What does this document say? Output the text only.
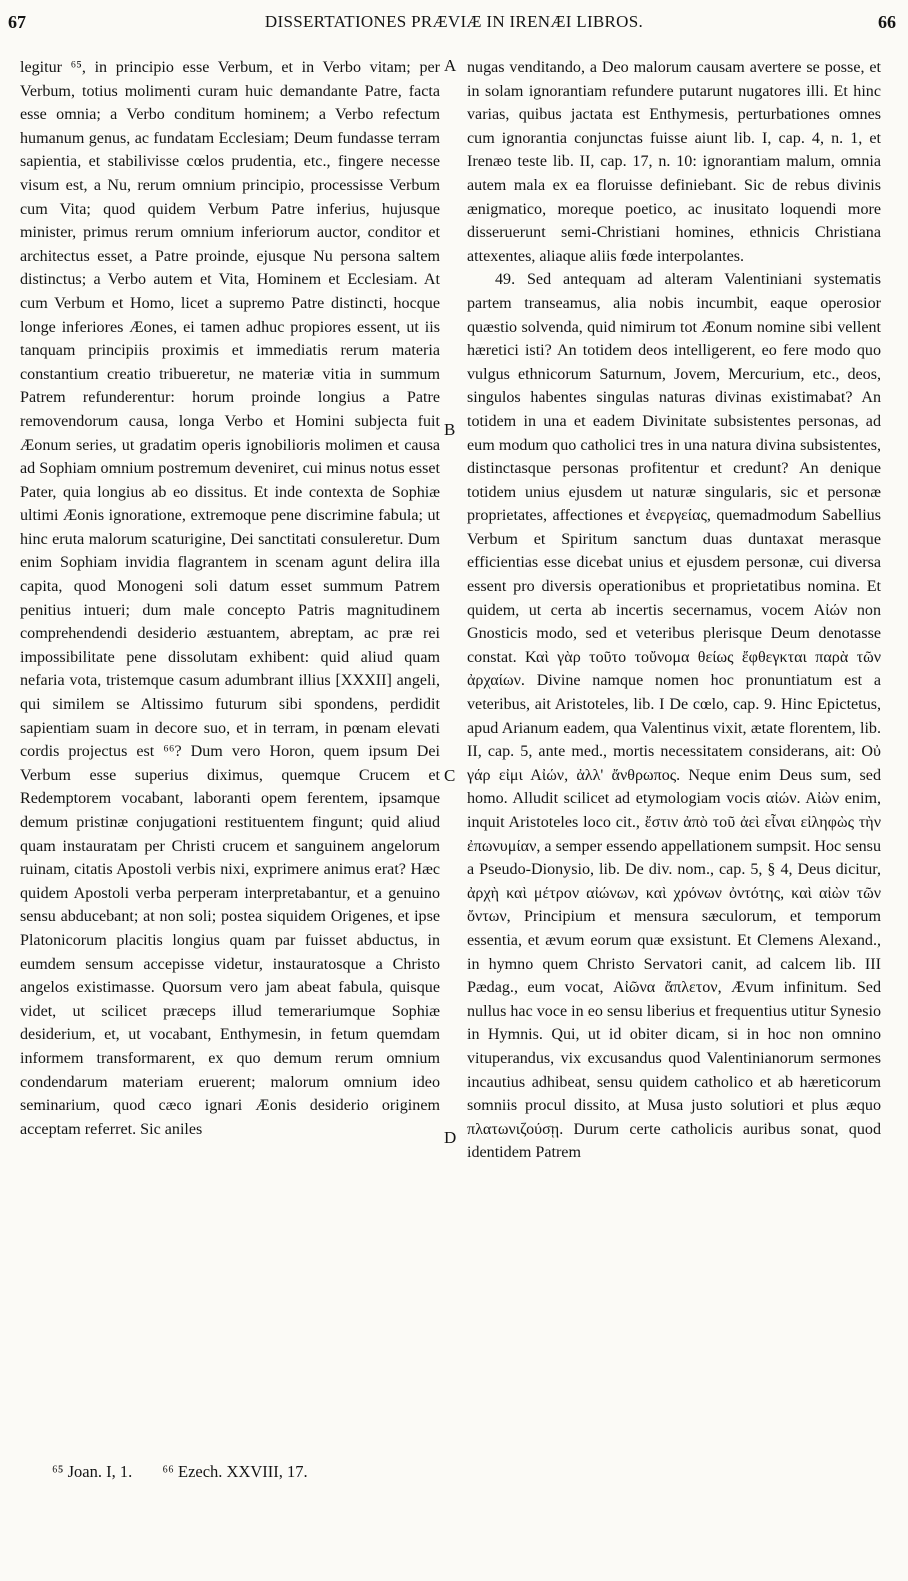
67	DISSERTATIONES PRÆVIÆ IN IRENÆI LIBROS.	66

legitur ⁶⁵, in principio esse Verbum, et in Verbo vitam; per Verbum, totius molimenti curam huic demandante Patre, facta esse omnia; a Verbo conditum hominem; a Verbo refectum humanum genus, ac fundatam Ecclesiam; Deum fundasse terram sapientia, et stabilivisse cœlos prudentia, etc., fingere necesse visum est, a Nu, rerum omnium principio, processisse Verbum cum Vita; quod quidem Verbum Patre inferius, hujusque minister, primus rerum omnium inferiorum auctor, conditor et architectus esset, a Patre proinde, ejusque Nu persona saltem distinctus; a Verbo autem et Vita, Hominem et Ecclesiam. At cum Verbum et Homo, licet a supremo Patre distincti, hocque longe inferiores Æones, ei tamen adhuc propiores essent, ut iis tanquam principiis proximis et immediatis rerum materia constantium creatio tribueretur, ne materiæ vitia in summum Patrem refunderentur: horum proinde longius a Patre removendorum causa, longa Verbo et Homini subjecta fuit Æonum series, ut gradatim operis ignobilioris molimen et causa ad Sophiam omnium postremum deveniret, cui minus notus esset Pater, quia longius ab eo dissitus. Et inde contexta de Sophiæ ultimi Æonis ignoratione, extremoque pene discrimine fabula; ut hinc eruta malorum scaturigine, Dei sanctitati consuleretur. Dum enim Sophiam invidia flagrantem in scenam agunt delira illa capita, quod Monogeni soli datum esset summum Patrem penitius intueri; dum male concepto Patris magnitudinem comprehendendi desiderio æstuantem, abreptam, ac præ rei impossibilitate pene dissolutam exhibent: quid aliud quam nefaria vota, tristemque casum adumbrant illius [XXXII] angeli, qui similem se Altissimo futurum sibi spondens, perdidit sapientiam suam in decore suo, et in terram, in pœnam elevati cordis projectus est ⁶⁶? Dum vero Horon, quem ipsum Dei Verbum esse superius diximus, quemque Crucem et Redemptorem vocabant, laboranti opem ferentem, ipsamque demum pristinæ conjugationi restituentem fingunt; quid aliud quam instauratam per Christi crucem et sanguinem angelorum ruinam, citatis Apostoli verbis nixi, exprimere animus erat? Hæc quidem Apostoli verba perperam interpretabantur, et a genuino sensu abducebant; at non soli; postea siquidem Origenes, et ipse Platonicorum placitis longius quam par fuisset abductus, in eumdem sensum accepisse videtur, instauratosque a Christo angelos existimasse. Quorsum vero jam abeat fabula, quisque videt, ut scilicet præceps illud temerariumque Sophiæ desiderium, et, ut vocabant, Enthymesin, in fetum quemdam informem transformarent, ex quo demum rerum omnium condendarum materiam eruerent; malorum omnium ideo seminarium, quod cæco ignari Æonis desiderio originem acceptam referret. Sic aniles

nugas venditando, a Deo malorum causam avertere se posse, et in solam ignorantiam refundere putarunt nugatores illi. Et hinc varias, quibus jactata est Enthymesis, perturbationes omnes cum ignorantia conjunctas fuisse aiunt lib. I, cap. 4, n. 1, et Irenæo teste lib. II, cap. 17, n. 10: ignorantiam malum, omnia autem mala ex ea floruisse definiebant. Sic de rebus divinis ænigmatico, moreque poetico, ac inusitato loquendi more disseruerunt semi-Christiani homines, ethnicis Christiana attexentes, aliaque aliis fœde interpolantes.

49. Sed antequam ad alteram Valentiniani systematis partem transeamus, alia nobis incumbit, eaque operosior quæstio solvenda, quid nimirum tot Æonum nomine sibi vellent hæretici isti? An totidem deos intelligerent, eo fere modo quo vulgus ethnicorum Saturnum, Jovem, Mercurium, etc., deos, singulos habentes singulas naturas divinas existimabat? An totidem in una et eadem Divinitate subsistentes personas, ad eum modum quo catholici tres in una natura divina subsistentes, distinctasque personas profitentur et credunt? An denique totidem unius ejusdem ut naturæ singularis, sic et personæ proprietates, affectiones et ἐνεργείας, quemadmodum Sabellius Verbum et Spiritum sanctum duas duntaxat merasque efficientias esse dicebat unius et ejusdem personæ, cui diversa essent pro diversis operationibus et proprietatibus nomina. Et quidem, ut certa ab incertis secernamus, vocem Αἰών non Gnosticis modo, sed et veteribus plerisque Deum denotasse constat. Καὶ γὰρ τοῦτο τοὔνομα θείως ἔφθεγκται παρὰ τῶν ἀρχαίων. Divine namque nomen hoc pronuntiatum est a veteribus, ait Aristoteles, lib. I De cœlo, cap. 9. Hinc Epictetus, apud Arianum eadem, qua Valentinus vixit, ætate florentem, lib. II, cap. 5, ante med., mortis necessitatem considerans, ait: Οὐ γάρ εἰμι Αἰών, ἀλλ' ἄνθρωπος. Neque enim Deus sum, sed homo. Alludit scilicet ad etymologiam vocis αἰών. Αἰὼν enim, inquit Aristoteles loco cit., ἔστιν ἀπὸ τοῦ ἀεὶ εἶναι εἰληφὼς τὴν ἐπωνυμίαν, a semper essendo appellationem sumpsit. Hoc sensu a Pseudo-Dionysio, lib. De div. nom., cap. 5, § 4, Deus dicitur, ἀρχὴ καὶ μέτρον αἰώνων, καὶ χρόνων ὀντότης, καὶ αἰὼν τῶν ὄντων, Principium et mensura sæculorum, et temporum essentia, et ævum eorum quæ exsistunt. Et Clemens Alexand., in hymno quem Christo Servatori canit, ad calcem lib. III Pædag., eum vocat, Αἰῶνα ἄπλετον, Ævum infinitum. Sed nullus hac voce in eo sensu liberius et frequentius utitur Synesio in Hymnis. Qui, ut id obiter dicam, si in hoc non omnino vituperandus, vix excusandus quod Valentinianorum sermones incautius adhibeat, sensu quidem catholico et ab hæreticorum somniis procul dissito, at Musa justo solutiori et plus æquo πλατωνιζούσῃ. Durum certe catholicis auribus sonat, quod identidem Patrem

A
B
C
D
⁶⁵ Joan. I, 1. ⁶⁶ Ezech. XXVIII, 17.
